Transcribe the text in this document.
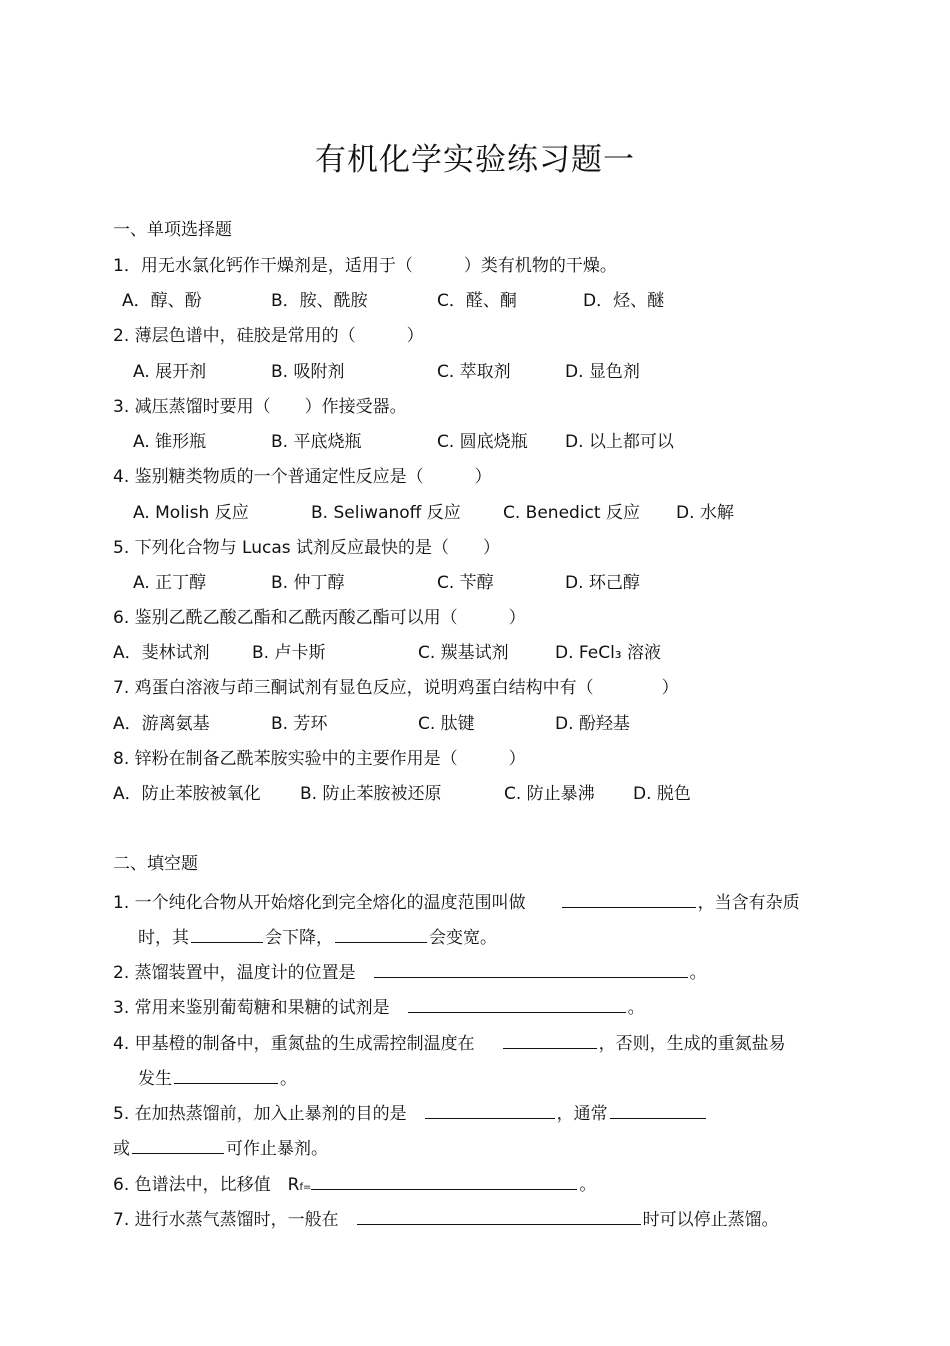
有机化学实验练习题一
一、单项选择题
1．用无水氯化钙作干燥剂是，适用于（　　　）类有机物的干燥。
A．醇、酚	B．胺、酰胺	C．醛、酮	D．烃、醚
2. 薄层色谱中，硅胶是常用的（　　　）
A. 展开剂	B. 吸附剂	C. 萃取剂	D. 显色剂
3. 减压蒸馏时要用（　　）作接受器。
A. 锥形瓶	B. 平底烧瓶	C. 圆底烧瓶 D. 以上都可以
4. 鉴别糖类物质的一个普通定性反应是（　　　）
A. Molish 反应	B. Seliwanoff 反应 C. Benedict 反应 D. 水解
5. 下列化合物与 Lucas 试剂反应最快的是（　　）
A. 正丁醇	B. 仲丁醇	C. 苄醇	D. 环己醇
6. 鉴别乙酰乙酸乙酯和乙酰丙酸乙酯可以用（　　　）
A．斐林试剂 B. 卢卡斯	C. 羰基试剂	D. FeCl₃ 溶液
7. 鸡蛋白溶液与茚三酮试剂有显色反应，说明鸡蛋白结构中有（　　　　）
A．游离氨基	B. 芳环	C. 肽键	D. 酚羟基
8. 锌粉在制备乙酰苯胺实验中的主要作用是（　　　）
A．防止苯胺被氧化 B. 防止苯胺被还原	C. 防止暴沸 D. 脱色
二、填空题
1. 一个纯化合物从开始熔化到完全熔化的温度范围叫做	，当含有杂质
时，其	会下降，	会变宽。
2. 蒸馏装置中，温度计的位置是	。
3. 常用来鉴别葡萄糖和果糖的试剂是	。
4. 甲基橙的制备中，重氮盐的生成需控制温度在	，否则，生成的重氮盐易
发生	。
5. 在加热蒸馏前，加入止暴剂的目的是	，通常
或	可作止暴剂。
6. 色谱法中，比移值　Rf=	。
7. 进行水蒸气蒸馏时，一般在	时可以停止蒸馏。
